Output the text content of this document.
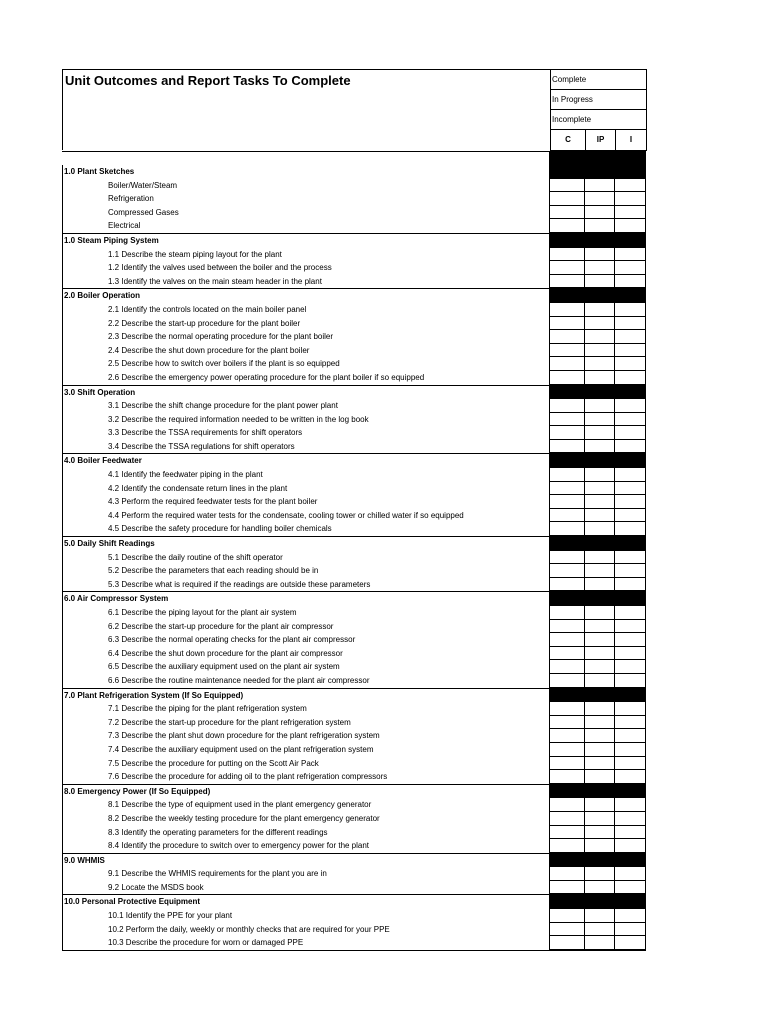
Unit Outcomes and Report Tasks To Complete	Complete
In Progress
Incomplete
C	IP	I
1.0 Plant Sketches
Boiler/Water/Steam
Refrigeration
Compressed Gases
Electrical
1.0 Steam Piping System
1.1 Describe the steam piping layout for the plant
1.2 Identify the valves used between the boiler and the process
1.3 Identify the valves on the main steam header in the plant
2.0 Boiler Operation
2.1 Identify the controls located on the main boiler panel
2.2 Describe the start-up procedure for the plant boiler
2.3 Describe the normal operating procedure for the plant boiler
2.4 Describe the shut down procedure for the plant boiler
2.5 Describe how to switch over boilers if the plant is so equipped
2.6 Describe the emergency power operating procedure for the plant boiler if so equipped
3.0 Shift Operation
3.1 Describe the shift change procedure for the plant power plant
3.2 Describe the required information needed to be written in the log book
3.3 Describe the TSSA requirements for shift operators
3.4 Describe the TSSA regulations for shift operators
4.0 Boiler Feedwater
4.1 Identify the feedwater piping in the plant
4.2 Identify the condensate return lines in the plant
4.3 Perform the required feedwater tests for the plant boiler
4.4 Perform the required water tests for the condensate, cooling tower or chilled water if so equipped
4.5 Describe the safety procedure for handling boiler chemicals
5.0 Daily Shift Readings
5.1 Describe the daily routine of the shift operator
5.2 Describe the parameters that each reading should be in
5.3 Describe what is required if the readings are outside these parameters
6.0 Air Compressor System
6.1 Describe the piping layout for the plant air system
6.2 Describe the start-up procedure for the plant air compressor
6.3 Describe the normal operating checks for the plant air compressor
6.4 Describe the shut down procedure for the plant air compressor
6.5 Describe the auxiliary equipment used on the plant air system
6.6 Describe the routine maintenance needed for the plant air compressor
7.0 Plant Refrigeration System (If So Equipped)
7.1 Describe the piping for the plant refrigeration system
7.2 Describe the start-up procedure for the plant refrigeration system
7.3 Describe the plant shut down procedure for the plant refrigeration system
7.4 Describe the auxiliary equipment used on the plant refrigeration system
7.5 Describe the procedure for putting on the Scott Air Pack
7.6 Describe the procedure for adding oil to the plant refrigeration compressors
8.0 Emergency Power (If So Equipped)
8.1 Describe the type of equipment used in the plant emergency generator
8.2 Describe the weekly testing procedure for the plant emergency generator
8.3 Identify the operating parameters for the different readings
8.4 Identify the procedure to switch over to emergency power for the plant
9.0 WHMIS
9.1 Describe the WHMIS requirements for the plant you are in
9.2 Locate the MSDS book
10.0 Personal Protective Equipment
10.1 Identify the PPE for your plant
10.2 Perform the daily, weekly or monthly checks that are required for your PPE
10.3 Describe the procedure for worn or damaged PPE
